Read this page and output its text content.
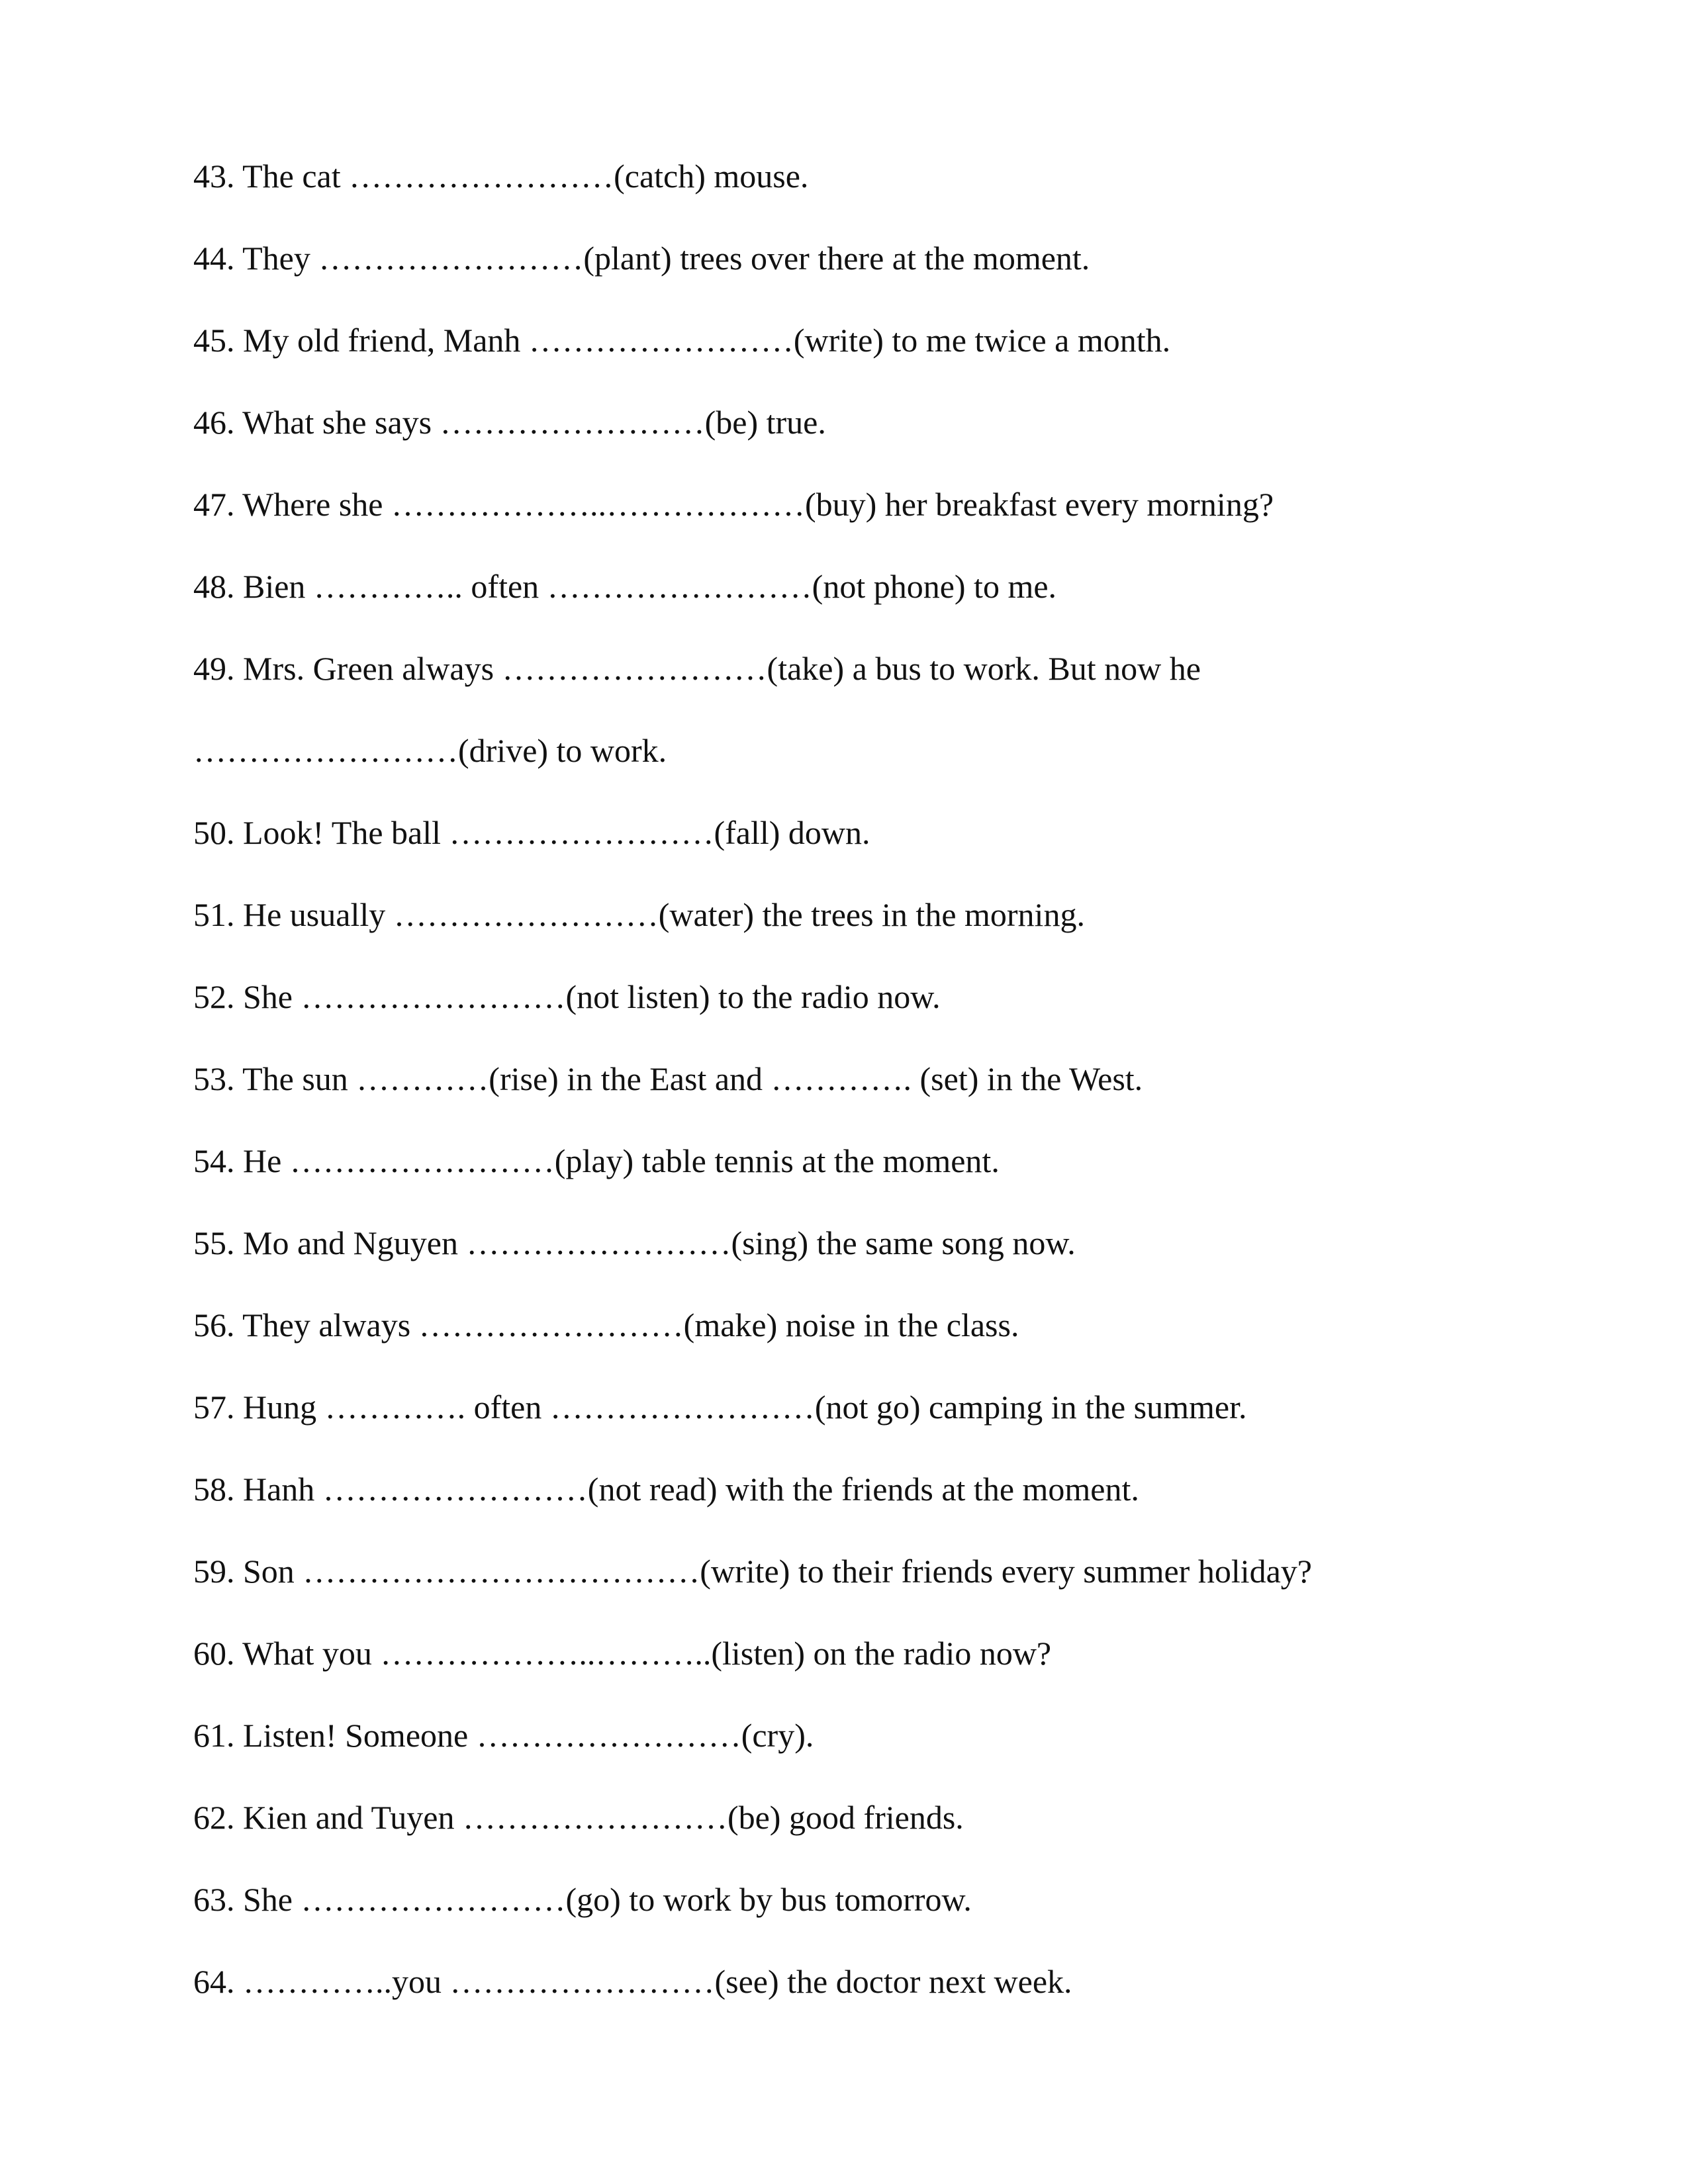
43. The cat ……………………(catch) mouse.
44. They ……………………(plant) trees over there at the moment.
45. My old friend, Manh ……………………(write) to me twice a month.
46. What she says ……………………(be) true.
47. Where she ………………..………………(buy) her breakfast every morning?
48. Bien ………….. often ……………………(not phone) to me.
49. Mrs. Green always ……………………(take) a bus to work. But now he
……………………(drive) to work.
50. Look! The ball ……………………(fall) down.
51. He usually ……………………(water) the trees in the morning.
52. She ……………………(not listen) to the radio now.
53. The sun …………(rise) in the East and …………. (set) in the West.
54. He ……………………(play) table tennis at the moment.
55. Mo and Nguyen ……………………(sing) the same song now.
56. They always ……………………(make) noise in the class.
57. Hung …………. often ……………………(not go) camping in the summer.
58. Hanh ……………………(not read) with the friends at the moment.
59. Son ………………………………(write) to their friends every summer holiday?
60. What you ………………..………..(listen) on the radio now?
61. Listen! Someone ……………………(cry).
62. Kien and Tuyen ……………………(be) good friends.
63. She ……………………(go) to work by bus tomorrow.
64. …………..you ……………………(see) the doctor next week.
